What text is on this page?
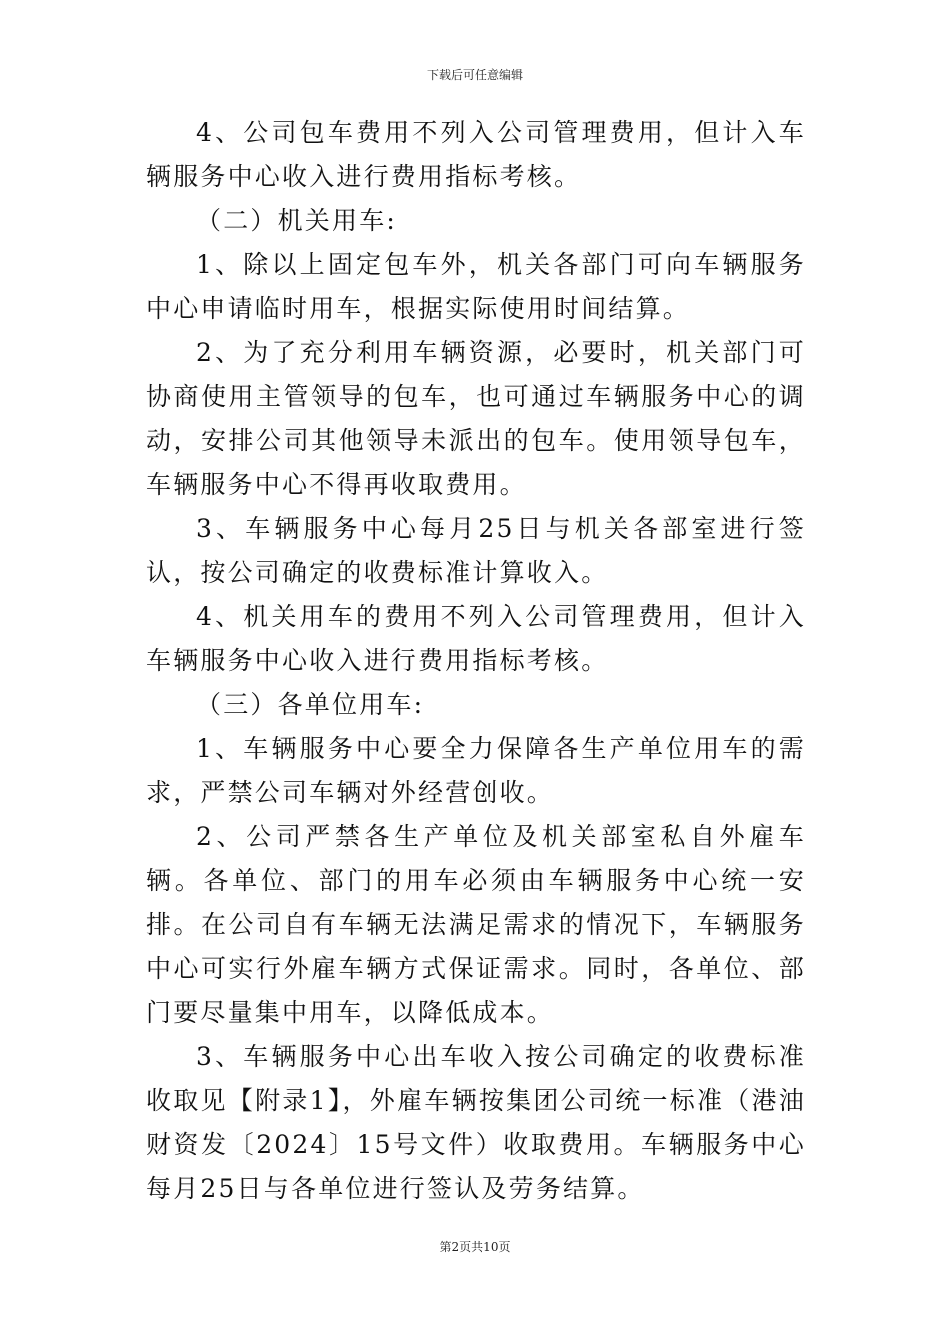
下载后可任意编辑

4、公司包车费用不列入公司管理费用，但计入车辆服务中心收入进行费用指标考核。

（二）机关用车:

1、除以上固定包车外，机关各部门可向车辆服务中心申请临时用车，根据实际使用时间结算。

2、为了充分利用车辆资源，必要时，机关部门可协商使用主管领导的包车，也可通过车辆服务中心的调动，安排公司其他领导未派出的包车。使用领导包车，车辆服务中心不得再收取费用。

3、车辆服务中心每月25日与机关各部室进行签认，按公司确定的收费标准计算收入。

4、机关用车的费用不列入公司管理费用，但计入车辆服务中心收入进行费用指标考核。

（三）各单位用车:

1、车辆服务中心要全力保障各生产单位用车的需求，严禁公司车辆对外经营创收。

2、公司严禁各生产单位及机关部室私自外雇车辆。各单位、部门的用车必须由车辆服务中心统一安排。在公司自有车辆无法满足需求的情况下，车辆服务中心可实行外雇车辆方式保证需求。同时，各单位、部门要尽量集中用车，以降低成本。

3、车辆服务中心出车收入按公司确定的收费标准收取见【附录1】，外雇车辆按集团公司统一标准（港油财资发〔2024〕15号文件）收取费用。车辆服务中心每月25日与各单位进行签认及劳务结算。

第2页共10页
